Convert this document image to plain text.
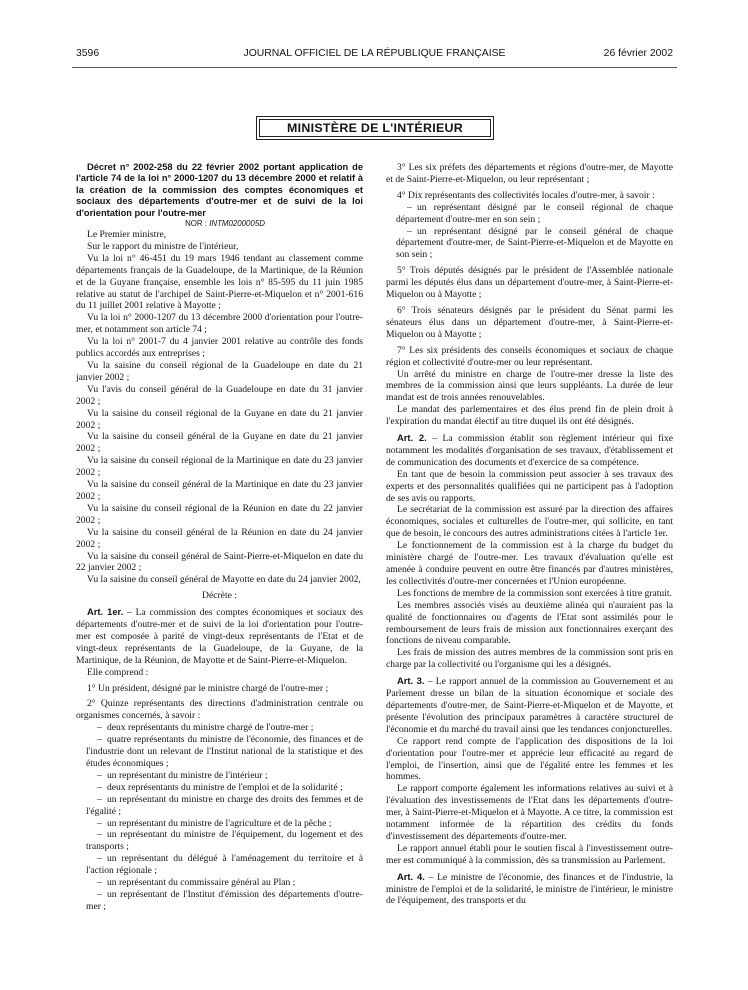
3596	JOURNAL OFFICIEL DE LA RÉPUBLIQUE FRANÇAISE	26 février 2002
MINISTÈRE DE L'INTÉRIEUR

Décret n° 2002-258 du 22 février 2002 portant application de l'article 74 de la loi n° 2000-1207 du 13 décembre 2000 et relatif à la création de la commission des comptes économiques et sociaux des départements d'outre-mer et de suivi de la loi d'orientation pour l'outre-mer

NOR : INTM0200005D

Le Premier ministre,

Sur le rapport du ministre de l'intérieur,

Vu la loi n° 46-451 du 19 mars 1946 tendant au classement comme départements français de la Guadeloupe, de la Martinique, de la Réunion et de la Guyane française, ensemble les lois n° 85-595 du 11 juin 1985 relative au statut de l'archipel de Saint-Pierre-et-Miquelon et n° 2001-616 du 11 juillet 2001 relative à Mayotte ;

Vu la loi n° 2000-1207 du 13 décembre 2000 d'orientation pour l'outre-mer, et notamment son article 74 ;

Vu la loi n° 2001-7 du 4 janvier 2001 relative au contrôle des fonds publics accordés aux entreprises ;

Vu la saisine du conseil régional de la Guadeloupe en date du 21 janvier 2002 ;

Vu l'avis du conseil général de la Guadeloupe en date du 31 janvier 2002 ;

Vu la saisine du conseil régional de la Guyane en date du 21 janvier 2002 ;

Vu la saisine du conseil général de la Guyane en date du 21 janvier 2002 ;

Vu la saisine du conseil régional de la Martinique en date du 23 janvier 2002 ;

Vu la saisine du conseil général de la Martinique en date du 23 janvier 2002 ;

Vu la saisine du conseil régional de la Réunion en date du 22 janvier 2002 ;

Vu la saisine du conseil général de la Réunion en date du 24 janvier 2002 ;

Vu la saisine du conseil général de Saint-Pierre-et-Miquelon en date du 22 janvier 2002 ;

Vu la saisine du conseil général de Mayotte en date du 24 janvier 2002,

Décrète :

Art. 1er. – La commission des comptes économiques et sociaux des départements d'outre-mer et de suivi de la loi d'orientation pour l'outre-mer est composée à parité de vingt-deux représentants de l'Etat et de vingt-deux représentants de la Guadeloupe, de la Guyane, de la Martinique, de la Réunion, de Mayotte et de Saint-Pierre-et-Miquelon.

Elle comprend :

1° Un président, désigné par le ministre chargé de l'outre-mer ;

2° Quinze représentants des directions d'administration centrale ou organismes concernés, à savoir :

– deux représentants du ministre chargé de l'outre-mer ;

– quatre représentants du ministre de l'économie, des finances et de l'industrie dont un relevant de l'Institut national de la statistique et des études économiques ;

– un représentant du ministre de l'intérieur ;

– deux représentants du ministre de l'emploi et de la solidarité ;

– un représentant du ministre en charge des droits des femmes et de l'égalité ;

– un représentant du ministre de l'agriculture et de la pêche ;

– un représentant du ministre de l'équipement, du logement et des transports ;

– un représentant du délégué à l'aménagement du territoire et à l'action régionale ;

– un représentant du commissaire général au Plan ;

– un représentant de l'Institut d'émission des départements d'outre-mer ;

3° Les six préfets des départements et régions d'outre-mer, de Mayotte et de Saint-Pierre-et-Miquelon, ou leur représentant ;

4° Dix représentants des collectivités locales d'outre-mer, à savoir :

– un représentant désigné par le conseil régional de chaque département d'outre-mer en son sein ;

– un représentant désigné par le conseil général de chaque département d'outre-mer, de Saint-Pierre-et-Miquelon et de Mayotte en son sein ;

5° Trois députés désignés par le président de l'Assemblée nationale parmi les députés élus dans un département d'outre-mer, à Saint-Pierre-et-Miquelon ou à Mayotte ;

6° Trois sénateurs désignés par le président du Sénat parmi les sénateurs élus dans un département d'outre-mer, à Saint-Pierre-et-Miquelon ou à Mayotte ;

7° Les six présidents des conseils économiques et sociaux de chaque région et collectivité d'outre-mer ou leur représentant.

Un arrêté du ministre en charge de l'outre-mer dresse la liste des membres de la commission ainsi que leurs suppléants. La durée de leur mandat est de trois années renouvelables.

Le mandat des parlementaires et des élus prend fin de plein droit à l'expiration du mandat électif au titre duquel ils ont été désignés.

Art. 2. – La commission établit son règlement intérieur qui fixe notamment les modalités d'organisation de ses travaux, d'établissement et de communication des documents et d'exercice de sa compétence.

En tant que de besoin la commission peut associer à ses travaux des experts et des personnalités qualifiées qui ne participent pas à l'adoption de ses avis ou rapports.

Le secrétariat de la commission est assuré par la direction des affaires économiques, sociales et culturelles de l'outre-mer, qui sollicite, en tant que de besoin, le concours des autres administrations citées à l'article 1er.

Le fonctionnement de la commission est à la charge du budget du ministère chargé de l'outre-mer. Les travaux d'évaluation qu'elle est amenée à conduire peuvent en outre être financés par d'autres ministères, les collectivités d'outre-mer concernées et l'Union européenne.

Les fonctions de membre de la commission sont exercées à titre gratuit.

Les membres associés visés au deuxième alinéa qui n'auraient pas la qualité de fonctionnaires ou d'agents de l'Etat sont assimilés pour le remboursement de leurs frais de mission aux fonctionnaires exerçant des fonctions de niveau comparable.

Les frais de mission des autres membres de la commission sont pris en charge par la collectivité ou l'organisme qui les a désignés.

Art. 3. – Le rapport annuel de la commission au Gouvernement et au Parlement dresse un bilan de la situation économique et sociale des départements d'outre-mer, de Saint-Pierre-et-Miquelon et de Mayotte, et présente l'évolution des principaux paramètres à caractère structurel de l'économie et du marché du travail ainsi que les tendances conjoncturelles.

Ce rapport rend compte de l'application des dispositions de la loi d'orientation pour l'outre-mer et apprécie leur efficacité au regard de l'emploi, de l'insertion, ainsi que de l'égalité entre les femmes et les hommes.

Le rapport comporte également les informations relatives au suivi et à l'évaluation des investissements de l'Etat dans les départements d'outre-mer, à Saint-Pierre-et-Miquelon et à Mayotte. A ce titre, la commission est notamment informée de la répartition des crédits du fonds d'investissement des départements d'outre-mer.

Le rapport annuel établi pour le soutien fiscal à l'investissement outre-mer est communiqué à la commission, dès sa transmission au Parlement.

Art. 4. – Le ministre de l'économie, des finances et de l'industrie, la ministre de l'emploi et de la solidarité, le ministre de l'intérieur, le ministre de l'équipement, des transports et du
